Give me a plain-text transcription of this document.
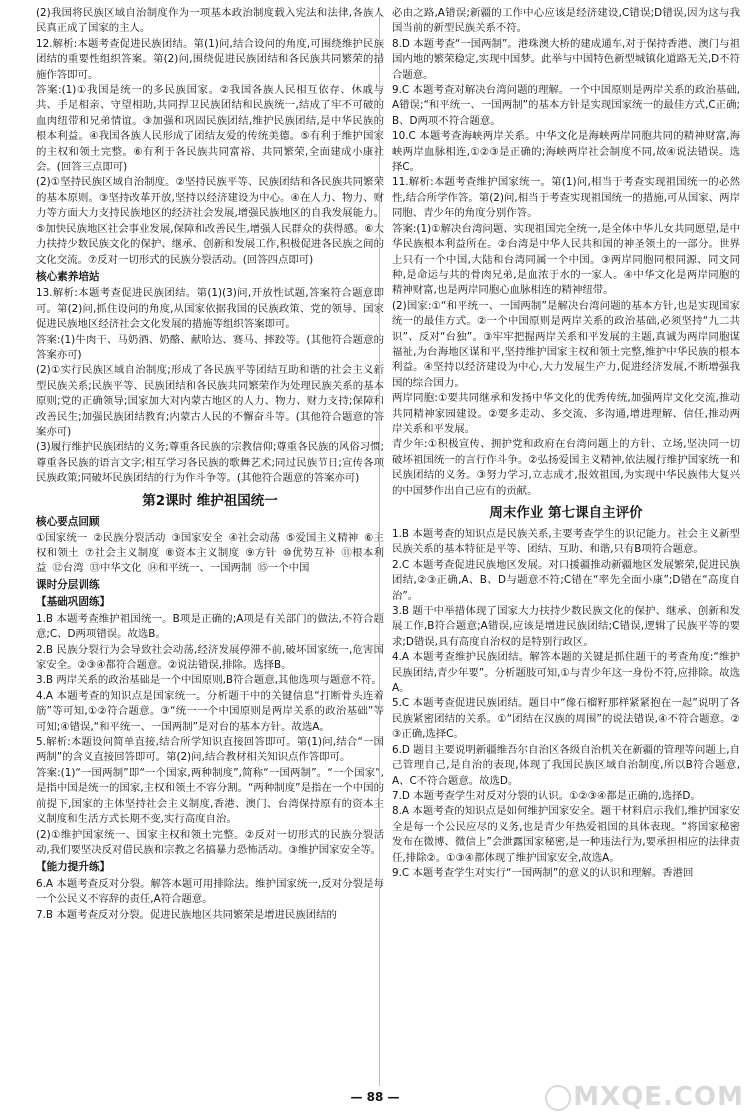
(2)我国将民族区域自治制度作为一项基本政治制度载入宪法和法律,各族人民真正成了国家的主人。

12.解析:本题考查促进民族团结。第(1)问,结合设问的角度,可围绕维护民族团结的重要性组织答案。第(2)问,围绕促进民族团结和各民族共同繁荣的措施作答即可。

答案:(1)①我国是统一的多民族国家。②我国各族人民相互依存、休戚与共、手足相亲、守望相助,共同捍卫民族团结和民族统一,结成了牢不可破的血肉纽带和兄弟情谊。③加强和巩固民族团结,维护民族团结,是中华民族的根本利益。④我国各族人民形成了团结友爱的传统美德。⑤有利于维护国家的主权和领土完整。⑥有利于各民族共同富裕、共同繁荣,全面建成小康社会。(回答三点即可)

(2)①坚持民族区域自治制度。②坚持民族平等、民族团结和各民族共同繁荣的基本原则。③坚持改革开放,坚持以经济建设为中心。④在人力、物力、财力等方面大力支持民族地区的经济社会发展,增强民族地区的自我发展能力。⑤加快民族地区社会事业发展,保障和改善民生,增强人民群众的获得感。⑥大力扶持少数民族文化的保护、继承、创新和发展工作,积极促进各民族之间的文化交流。⑦反对一切形式的民族分裂活动。(回答四点即可)

核心素养培站

13.解析:本题考查促进民族团结。第(1)(3)问,开放性试题,答案符合题意即可。第(2)问,抓住设问的角度,从国家依据我国的民族政策、党的领导、国家促进民族地区经济社会文化发展的措施等组织答案即可。

答案:(1)牛肉干、马奶酒、奶酪、献哈达、赛马、摔跤等。(其他符合题意的答案亦可)

(2)①实行民族区域自治制度;形成了各民族平等团结互助和谐的社会主义新型民族关系;民族平等、民族团结和各民族共同繁荣作为处理民族关系的基本原则;党的正确领导;国家加大对内蒙古地区的人力、物力、财力支持;保障和改善民生;加强民族团结教育;内蒙古人民的不懈奋斗等。(其他符合题意的答案亦可)

(3)履行维护民族团结的义务;尊重各民族的宗教信仰;尊重各民族的风俗习惯;尊重各民族的语言文字;相互学习各民族的歌舞艺术;同过民族节日;宣传各项民族政策;同破坏民族团结的行为作斗争等。(其他符合题意的答案亦可)

第2课时 维护祖国统一
核心要点回顾
①国家统一 ②民族分裂活动 ③国家安全 ④社会动荡 ⑤爱国主义精神 ⑥主权和领土 ⑦社会主义制度 ⑧资本主义制度 ⑨方针 ⑩优势互补 ⑪根本利益 ⑫台湾 ⑬中华文化 ⑭和平统一、一国两制 ⑮一个中国
课时分层训练
【基础巩固练】

1.B 本题考查维护祖国统一。B项是正确的;A项是有关部门的做法,不符合题意;C、D两项错误。故选B。

2.B 民族分裂行为会导致社会动荡,经济发展停滞不前,破坏国家统一,危害国家安全。②③④都符合题意。②说法错误,排除。选择B。

3.B 两岸关系的政治基础是一个中国原则,B符合题意,其他选项与题意不符。

4.A 本题考查的知识点是国家统一。分析题干中的关键信息“打断骨头连着筋”等可知,①②符合题意。③“统一一个中国原则是两岸关系的政治基础”等可知;④错误,“和平统一、一国两制”是对台的基本方针。故选A。

5.解析:本题设问简单直接,结合所学知识直接回答即可。第(1)问,结合“一国两制”的含义直接回答即可。第(2)问,结合教材相关知识点作答即可。

答案:(1)“一国两制”即“一个国家,两种制度”,简称“一国两制”。“一个国家”,是指中国是统一的国家,主权和领土不容分割。“两种制度”是指在一个中国的前提下,国家的主体坚持社会主义制度,香港、澳门、台湾保持原有的资本主义制度和生活方式长期不变,实行高度自治。

(2)①维护国家统一、国家主权和领土完整。②反对一切形式的民族分裂活动,我们要坚决反对借民族和宗教之名搞暴力恐怖活动。③维护国家安全等。

【能力提升练】

6.A 本题考查反对分裂。解答本题可用排除法。维护国家统一,反对分裂是每一个公民义不容辞的责任,A符合题意。

7.B 本题考查反对分裂。促进民族地区共同繁荣是增进民族团结的

必由之路,A错误;新疆的工作中心应该是经济建设,C错误;D错误,因为这与我国当前的新型民族关系不符。

8.D 本题考查“一国两制”。港珠澳大桥的建成通车,对于保持香港、澳门与祖国内地的繁荣稳定,实现中国梦。此举与中国特色新型城镇化道路无关,D不符合题意。

9.C 本题考查对解决台湾问题的理解。一个中国原则是两岸关系的政治基础,A错误;“和平统一、一国两制”的基本方针是实现国家统一的最佳方式,C正确;B、D两项不符合题意。

10.C 本题考查海峡两岸关系。中华文化是海峡两岸同胞共同的精神财富,海峡两岸血脉相连,①②③是正确的;海峡两岸社会制度不同,故④说法错误。选择C。

11.解析:本题考查维护国家统一。第(1)问,相当于考查实现祖国统一的必然性,结合所学作答。第(2)问,相当于考查实现祖国统一的措施,可从国家、两岸同胞、青少年的角度分别作答。

答案:(1)①解决台湾问题、实现祖国完全统一,是全体中华儿女共同愿望,是中华民族根本利益所在。②台湾是中华人民共和国的神圣领土的一部分。世界上只有一个中国,大陆和台湾同属一个中国。③两岸同胞同根同源、同文同种,是命运与共的骨肉兄弟,是血浓于水的一家人。④中华文化是两岸同胞的精神财富,也是两岸同胞心血脉相连的精神纽带。

(2)国家:①“和平统一、一国两制”是解决台湾问题的基本方针,也是实现国家统一的最佳方式。②一个中国原则是两岸关系的政治基础,必须坚持“九二共识”、反对“台独”。③牢牢把握两岸关系和平发展的主题,真诚为两岸同胞谋福祉,为台海地区谋和平,坚持维护国家主权和领土完整,维护中华民族的根本利益。④坚持以经济建设为中心,大力发展生产力,促进经济发展,不断增强我国的综合国力。

两岸同胞:①要共同继承和发扬中华文化的优秀传统,加强两岸文化交流,推动共同精神家园建设。②要多走动、多交流、多沟通,增进理解、信任,推动两岸关系和平发展。

青少年:①积极宣传、拥护党和政府在台湾问题上的方针、立场,坚决同一切破坏祖国统一的言行作斗争。②弘扬爱国主义精神,依法履行维护国家统一和民族团结的义务。③努力学习,立志成才,报效祖国,为实现中华民族伟大复兴的中国梦作出自己应有的贡献。

周末作业 第七课自主评价

1.B 本题考查的知识点是民族关系,主要考查学生的识记能力。社会主义新型民族关系的基本特征是平等、团结、互助、和谐,只有B项符合题意。

2.C 本题考查促进民族地区发展。对口援疆推动新疆地区发展繁荣,促进民族团结,②③正确,A、B、D与题意不符;C错在“率先全面小康”;D错在“高度自治”。

3.B 题干中举措体现了国家大力扶持少数民族文化的保护、继承、创新和发展工作,B符合题意;A错误,应该是增进民族团结;C错误,逻辑了民族平等的要求;D错误,具有高度自治权的是特别行政区。

4.A 本题考查维护民族团结。解答本题的关键是抓住题干的考查角度:“维护民族团结,青少年要”。分析题肢可知,①与青少年这一身份不符,应排除。故选A。

5.C 本题考查促进民族团结。题目中“像石榴籽那样紧紧抱在一起”说明了各民族紧密团结的关系。①“团结在汉族的周围”的说法错误,④不符合题意。②③正确,选择C。

6.D 题目主要说明新疆维吾尔自治区各级自治机关在新疆的管理等问题上,自己管理自己,是自治的表现,体现了我国民族区域自治制度,所以B符合题意,A、C不符合题意。故选D。

7.D 本题考查学生对反对分裂的认识。①②③④都是正确的,选择D。

8.A 本题考查的知识点是如何维护国家安全。题干材料启示我们,维护国家安全是每一个公民应尽的义务,也是青少年热爱祖国的具体表现。“将国家秘密发布在微博、微信上”会泄露国家秘密,是一种违法行为,要承担相应的法律责任,排除②。①③④都体现了维护国家安全,故选A。

9.C 本题考查学生对实行“一国两制”的意义的认识和理解。香港回

— 88 —	MXQE.COM
